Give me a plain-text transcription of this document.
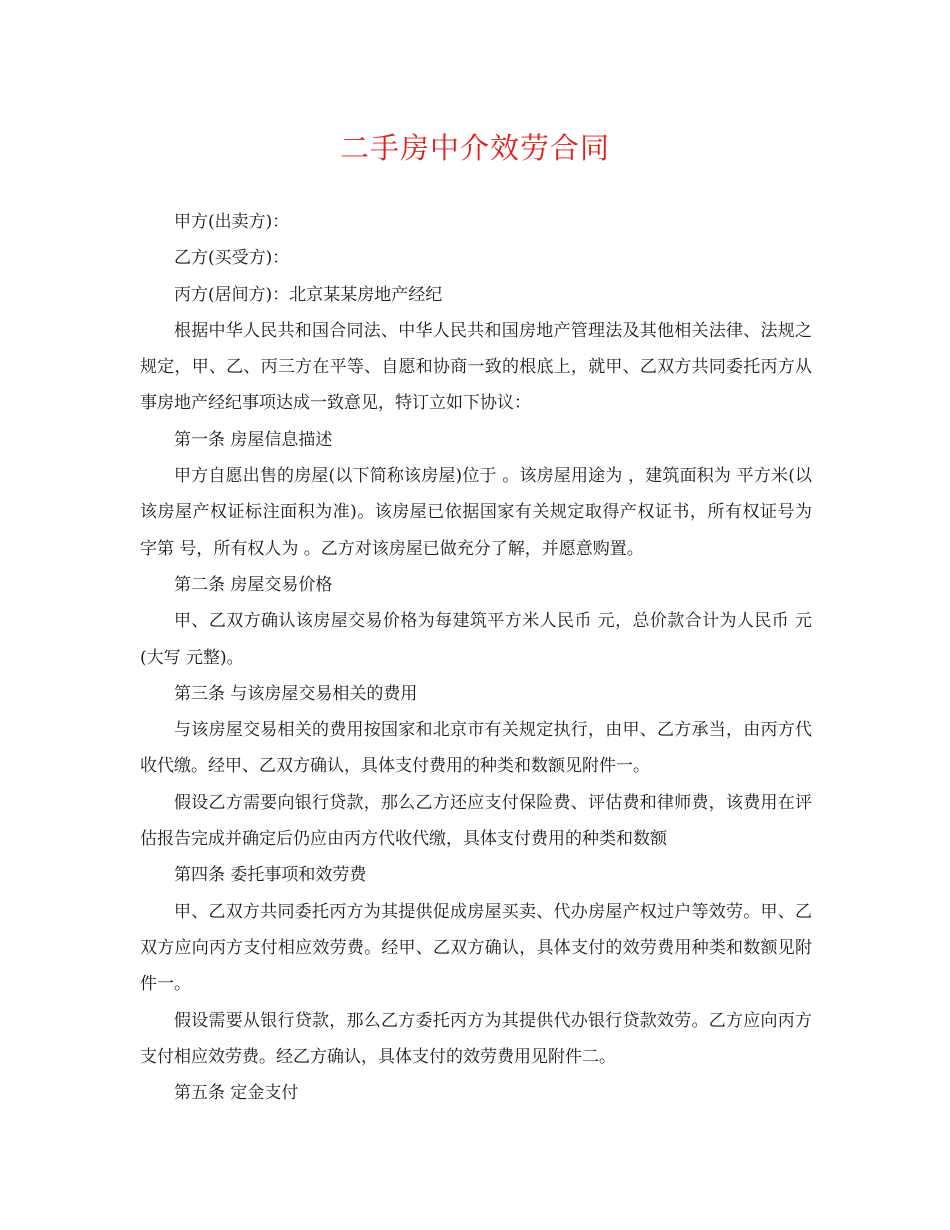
二手房中介效劳合同

甲方(出卖方)：

乙方(买受方)：

丙方(居间方)：北京某某房地产经纪

根据中华人民共和国合同法、中华人民共和国房地产管理法及其他相关法律、法规之规定，甲、乙、丙三方在平等、自愿和协商一致的根底上，就甲、乙双方共同委托丙方从事房地产经纪事项达成一致意见，特订立如下协议：

第一条 房屋信息描述

甲方自愿出售的房屋(以下简称该房屋)位于 。该房屋用途为 ，建筑面积为 平方米(以该房屋产权证标注面积为准)。该房屋已依据国家有关规定取得产权证书，所有权证号为 字第 号，所有权人为 。乙方对该房屋已做充分了解，并愿意购置。

第二条 房屋交易价格

甲、乙双方确认该房屋交易价格为每建筑平方米人民币 元，总价款合计为人民币 元(大写 元整)。

第三条 与该房屋交易相关的费用

与该房屋交易相关的费用按国家和北京市有关规定执行，由甲、乙方承当，由丙方代收代缴。经甲、乙双方确认，具体支付费用的种类和数额见附件一。

假设乙方需要向银行贷款，那么乙方还应支付保险费、评估费和律师费，该费用在评估报告完成并确定后仍应由丙方代收代缴，具体支付费用的种类和数额

第四条 委托事项和效劳费

甲、乙双方共同委托丙方为其提供促成房屋买卖、代办房屋产权过户等效劳。甲、乙双方应向丙方支付相应效劳费。经甲、乙双方确认，具体支付的效劳费用种类和数额见附件一。

假设需要从银行贷款，那么乙方委托丙方为其提供代办银行贷款效劳。乙方应向丙方支付相应效劳费。经乙方确认，具体支付的效劳费用见附件二。

第五条 定金支付
